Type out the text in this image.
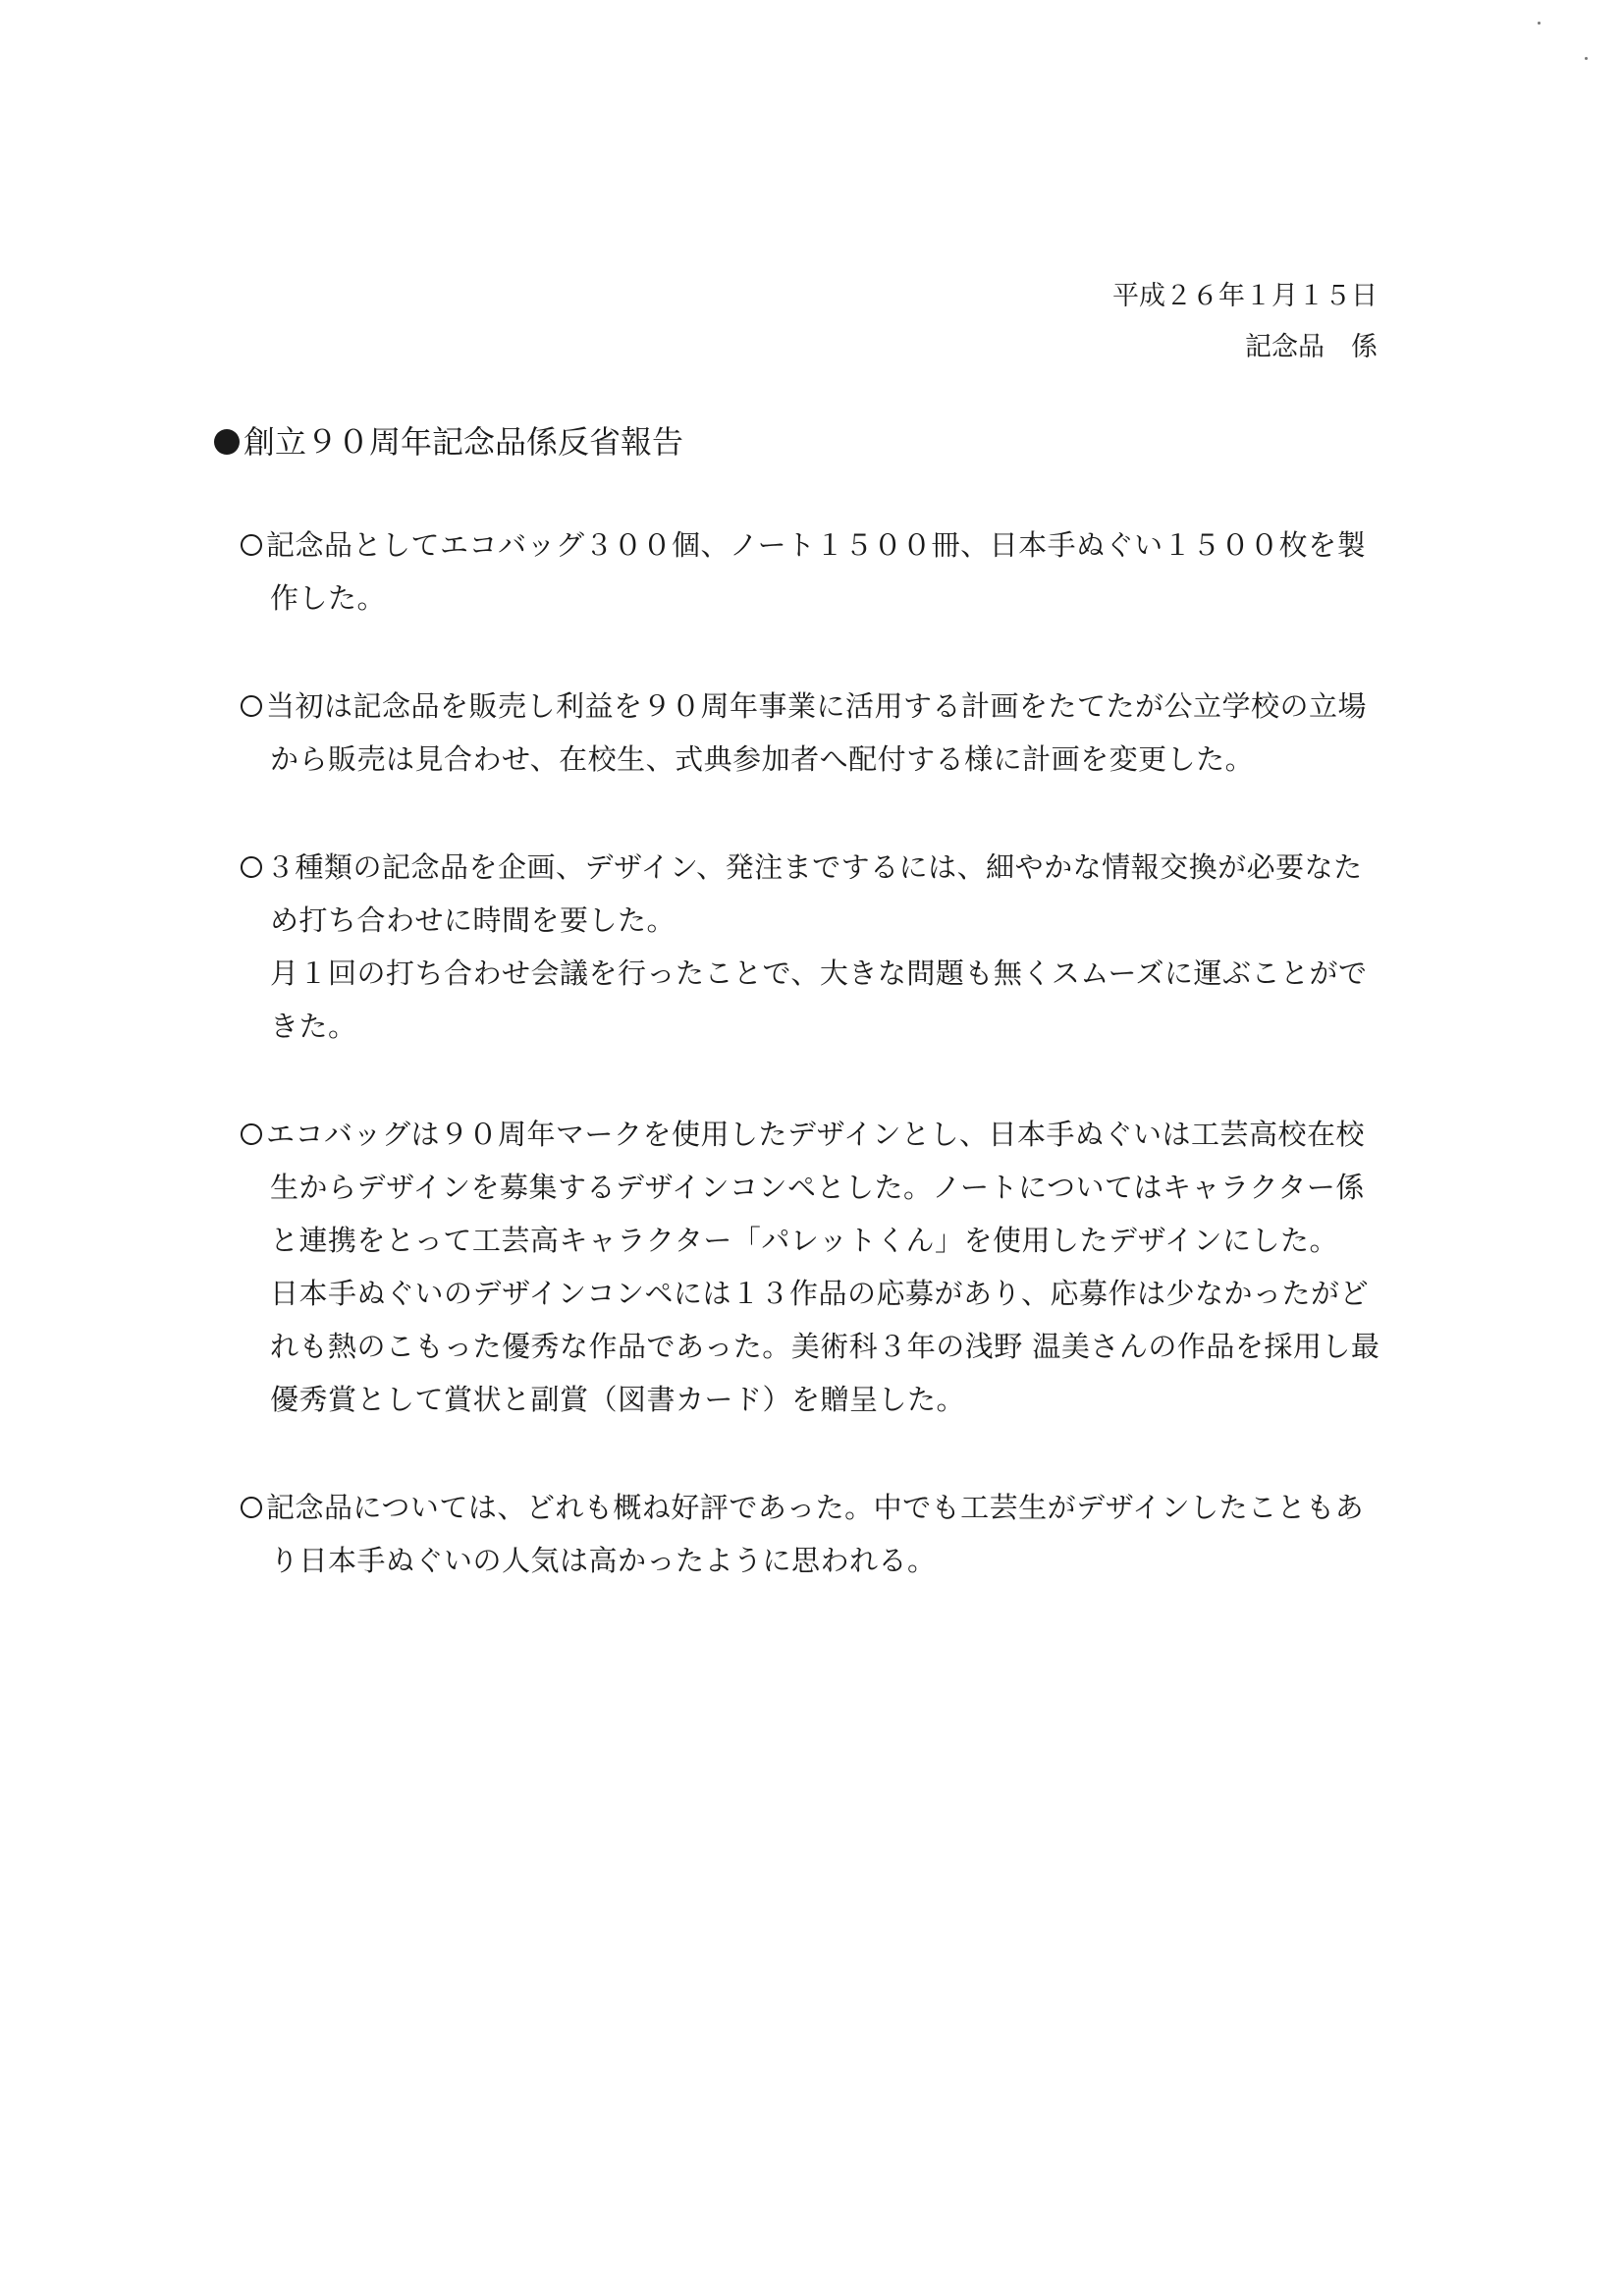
平成２６年１月１５日
記念品　係
創立９０周年記念品係反省報告
記念品としてエコバッグ３００個、ノート１５００冊、日本手ぬぐい１５００枚を製
作した。
当初は記念品を販売し利益を９０周年事業に活用する計画をたてたが公立学校の立場
から販売は見合わせ、在校生、式典参加者へ配付する様に計画を変更した。
３種類の記念品を企画、デザイン、発注までするには、細やかな情報交換が必要なた
め打ち合わせに時間を要した。
月１回の打ち合わせ会議を行ったことで、大きな問題も無くスムーズに運ぶことがで
きた。
エコバッグは９０周年マークを使用したデザインとし、日本手ぬぐいは工芸高校在校
生からデザインを募集するデザインコンペとした。ノートについてはキャラクター係
と連携をとって工芸高キャラクター「パレットくん」を使用したデザインにした。
日本手ぬぐいのデザインコンペには１３作品の応募があり、応募作は少なかったがど
れも熱のこもった優秀な作品であった。美術科３年の浅野 温美さんの作品を採用し最
優秀賞として賞状と副賞（図書カード）を贈呈した。
記念品については、どれも概ね好評であった。中でも工芸生がデザインしたこともあ
り日本手ぬぐいの人気は高かったように思われる。
